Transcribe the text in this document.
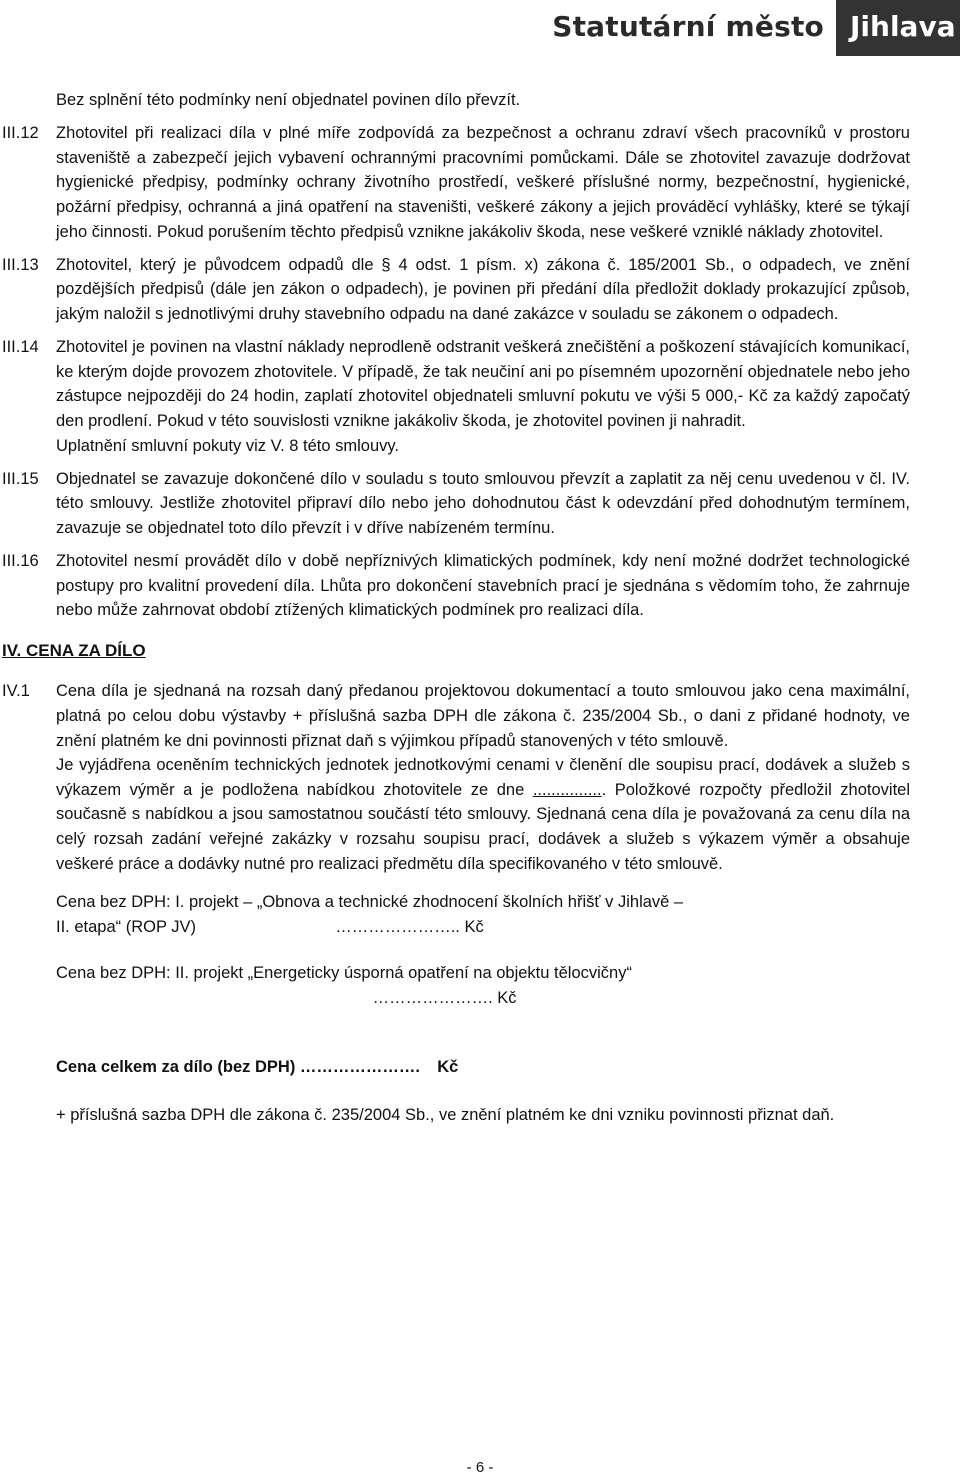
Statutární město Jihlava

Bez splnění této podmínky není objednatel povinen dílo převzít.

III.12	Zhotovitel při realizaci díla v plné míře zodpovídá za bezpečnost a ochranu zdraví všech pracovníků v prostoru staveniště a zabezpečí jejich vybavení ochrannými pracovními pomůckami. Dále se zhotovitel zavazuje dodržovat hygienické předpisy, podmínky ochrany životního prostředí, veškeré příslušné normy, bezpečnostní, hygienické, požární předpisy, ochranná a jiná opatření na staveništi, veškeré zákony a jejich prováděcí vyhlášky, které se týkají jeho činnosti. Pokud porušením těchto předpisů vznikne jakákoliv škoda, nese veškeré vzniklé náklady zhotovitel.

III.13	Zhotovitel, který je původcem odpadů dle § 4 odst. 1 písm. x) zákona č. 185/2001 Sb., o odpadech, ve znění pozdějších předpisů (dále jen zákon o odpadech), je povinen při předání díla předložit doklady prokazující způsob, jakým naložil s jednotlivými druhy stavebního odpadu na dané zakázce v souladu se zákonem o odpadech.

III.14	Zhotovitel je povinen na vlastní náklady neprodleně odstranit veškerá znečištění a poškození stávajících komunikací, ke kterým dojde provozem zhotovitele. V případě, že tak neučiní ani po písemném upozornění objednatele nebo jeho zástupce nejpozději do 24 hodin, zaplatí zhotovitel objednateli smluvní pokutu ve výši 5 000,- Kč za každý započatý den prodlení. Pokud v této souvislosti vznikne jakákoliv škoda, je zhotovitel povinen ji nahradit.

Uplatnění smluvní pokuty viz V. 8 této smlouvy.

III.15	Objednatel se zavazuje dokončené dílo v souladu s touto smlouvou převzít a zaplatit za něj cenu uvedenou v čl. IV. této smlouvy. Jestliže zhotovitel připraví dílo nebo jeho dohodnutou část k odevzdání před dohodnutým termínem, zavazuje se objednatel toto dílo převzít i v dříve nabízeném termínu.

III.16	Zhotovitel nesmí provádět dílo v době nepříznivých klimatických podmínek, kdy není možné dodržet technologické postupy pro kvalitní provedení díla. Lhůta pro dokončení stavebních prací je sjednána s vědomím toho, že zahrnuje nebo může zahrnovat období ztížených klimatických podmínek pro realizaci díla.

IV. CENA ZA DÍLO
IV.1	Cena díla je sjednaná na rozsah daný předanou projektovou dokumentací a touto smlouvou jako cena maximální, platná po celou dobu výstavby + příslušná sazba DPH dle zákona č. 235/2004 Sb., o dani z přidané hodnoty, ve znění platném ke dni povinnosti přiznat daň s výjimkou případů stanovených v této smlouvě.

Je vyjádřena oceněním technických jednotek jednotkovými cenami v členění dle soupisu prací, dodávek a služeb s výkazem výměr a je podložena nabídkou zhotovitele ze dne ................ Položkové rozpočty předložil zhotovitel současně s nabídkou a jsou samostatnou součástí této smlouvy. Sjednaná cena díla je považovaná za cenu díla na celý rozsah zadání veřejné zakázky v rozsahu soupisu prací, dodávek a služeb s výkazem výměr a obsahuje veškeré práce a dodávky nutné pro realizaci předmětu díla specifikovaného v této smlouvě.

Cena bez DPH: I. projekt – „Obnova a technické zhodnocení školních hřišť v Jihlavě –

II. etapa“ (ROP JV)	………………….. Kč

Cena bez DPH: II. projekt „Energeticky úsporná opatření na objektu tělocvičny“

…………………. Kč

Cena celkem za dílo (bez DPH) …………………. Kč

+ příslušná sazba DPH dle zákona č. 235/2004 Sb., ve znění platném ke dni vzniku povinnosti přiznat daň.

- 6 -
